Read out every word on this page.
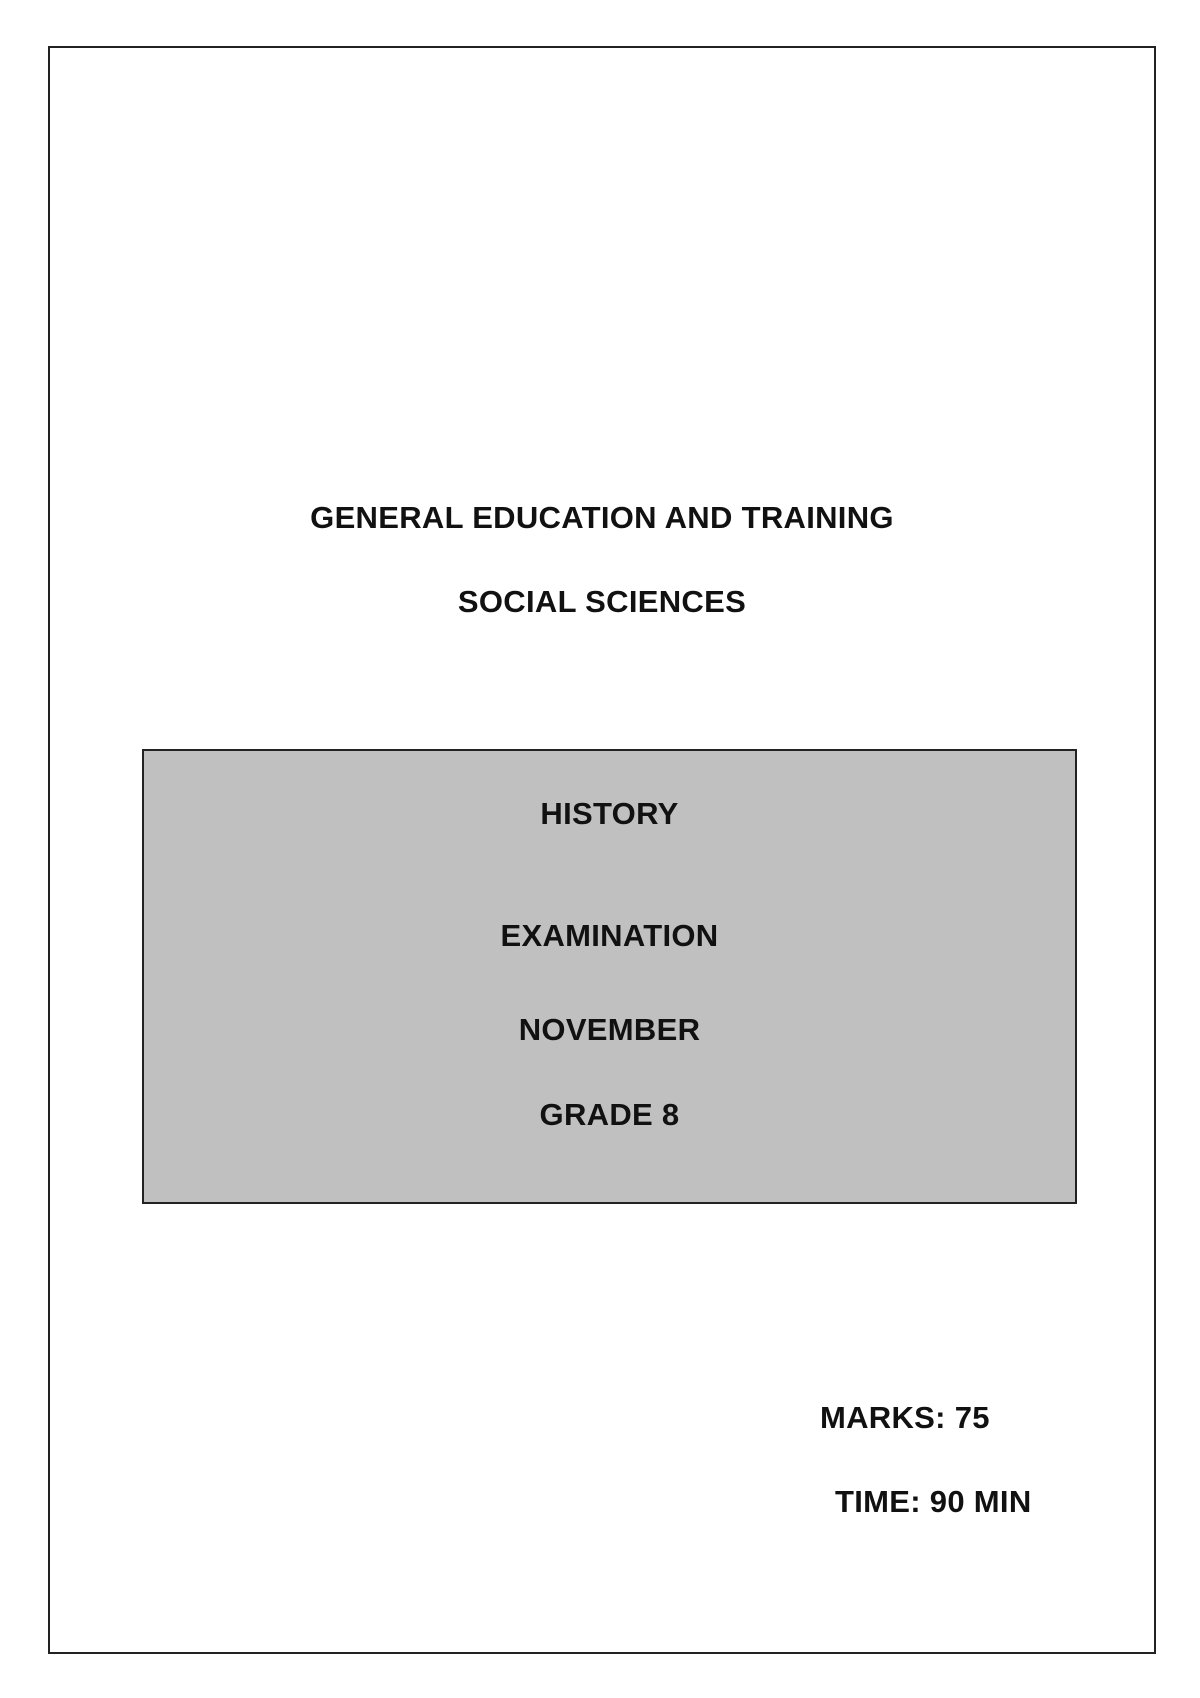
GENERAL EDUCATION AND TRAINING
SOCIAL SCIENCES
HISTORY
EXAMINATION
NOVEMBER
GRADE 8
MARKS: 75
TIME: 90 MIN
